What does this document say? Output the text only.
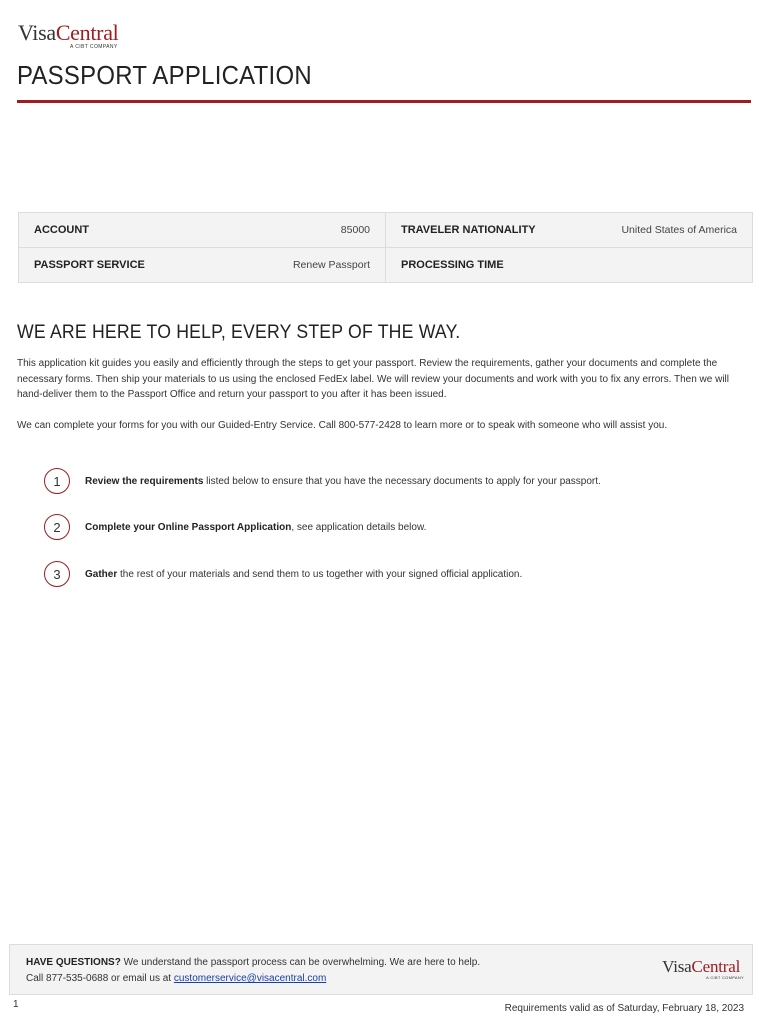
VisaCentral
A CIBT COMPANY
PASSPORT APPLICATION
ACCOUNT	85000	TRAVELER NATIONALITY	United States of America
PASSPORT SERVICE	Renew Passport	PROCESSING TIME
WE ARE HERE TO HELP, EVERY STEP OF THE WAY.
This application kit guides you easily and efficiently through the steps to get your passport. Review the requirements, gather your documents and complete the necessary forms. Then ship your materials to us using the enclosed FedEx label. We will review your documents and work with you to fix any errors. Then we will hand-deliver them to the Passport Office and return your passport to you after it has been issued.
We can complete your forms for you with our Guided-Entry Service. Call 800-577-2428 to learn more or to speak with someone who will assist you.
1	Review the requirements listed below to ensure that you have the necessary documents to apply for your passport.
2	Complete your Online Passport Application, see application details below.
3	Gather the rest of your materials and send them to us together with your signed official application.
HAVE QUESTIONS? We understand the passport process can be overwhelming. We are here to help.
Call 877-535-0688 or email us at customerservice@visacentral.com
VisaCentral
A CIBT COMPANY
1	Requirements valid as of Saturday, February 18, 2023
